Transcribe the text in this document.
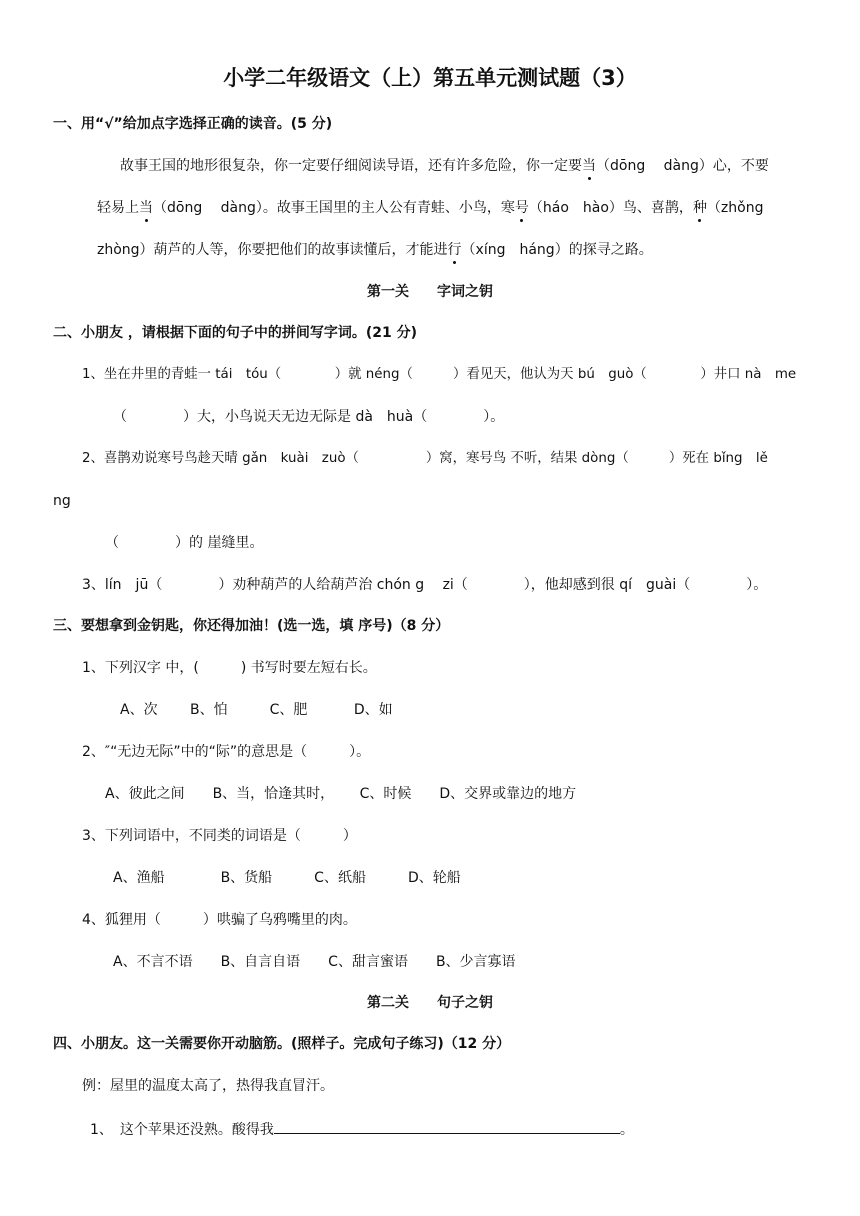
小学二年级语文（上）第五单元测试题（3）
一、用“√”给加点字选择正确的读音。(5 分)
故事王国的地形很复杂，你一定要仔细阅读导语，还有许多危险，你一定要当（dōng　 dàng）心，不要
轻易上当（dōng　 dàng）。故事王国里的主人公有青蛙、小鸟，寒号（háo　hào）鸟、喜鹊，种（zhǒng
zhòng）葫芦的人等，你要把他们的故事读懂后，才能进行（xíng　háng）的探寻之路。
第一关　　字词之钥
二、小朋友 ，请根据下面的句子中的拼间写字词。(21 分)
1、坐在井里的青蛙一 tái　tóu（　　　　）就 néng（　　　）看见天，他认为天 bú　guò（　　　　）井口 nà　me
（　　　　）大，小鸟说天无边无际是 dà　huà（　　　　）。
2、喜鹊劝说寒号鸟趁天晴 gǎn　kuài　zuò（　　　　　）窝，寒号鸟 不听，结果 dòng（　　　）死在 bǐng　lě
ng
（　　　　）的 崖缝里。
3、lín　jū（　　　　）劝种葫芦的人给葫芦治 chón g　 zi（　　　　），他却感到很 qí　guài（　　　　）。
三、要想拿到金钥匙，你还得加油！(选一选，填 序号)（8 分）
1、下列汉字 中，(　　　) 书写时要左短右长。
A、次　　 B、怕　　　C、肥　　　 D、如
2、″“无边无际”中的“际”的意思是（　　　）。
A、彼此之间　　B、当，恰逢其时，　　 C、时候　　D、交界或靠边的地方
3、下列词语中，不同类的词语是（　　　）
A、渔船　　　　B、货船　　　C、纸船　　　D、轮船
4、狐狸用（　　　）哄骗了乌鸦嘴里的肉。
A、不言不语　　B、自言自语　　C、甜言蜜语　　B、少言寡语
第二关　　句子之钥
四、小朋友。这一关需要你开动脑筋。(照样子。完成句子练习)（12 分）
例：屋里的温度太高了，热得我直冒汗。
1、　这个苹果还没熟。酸得我	。
